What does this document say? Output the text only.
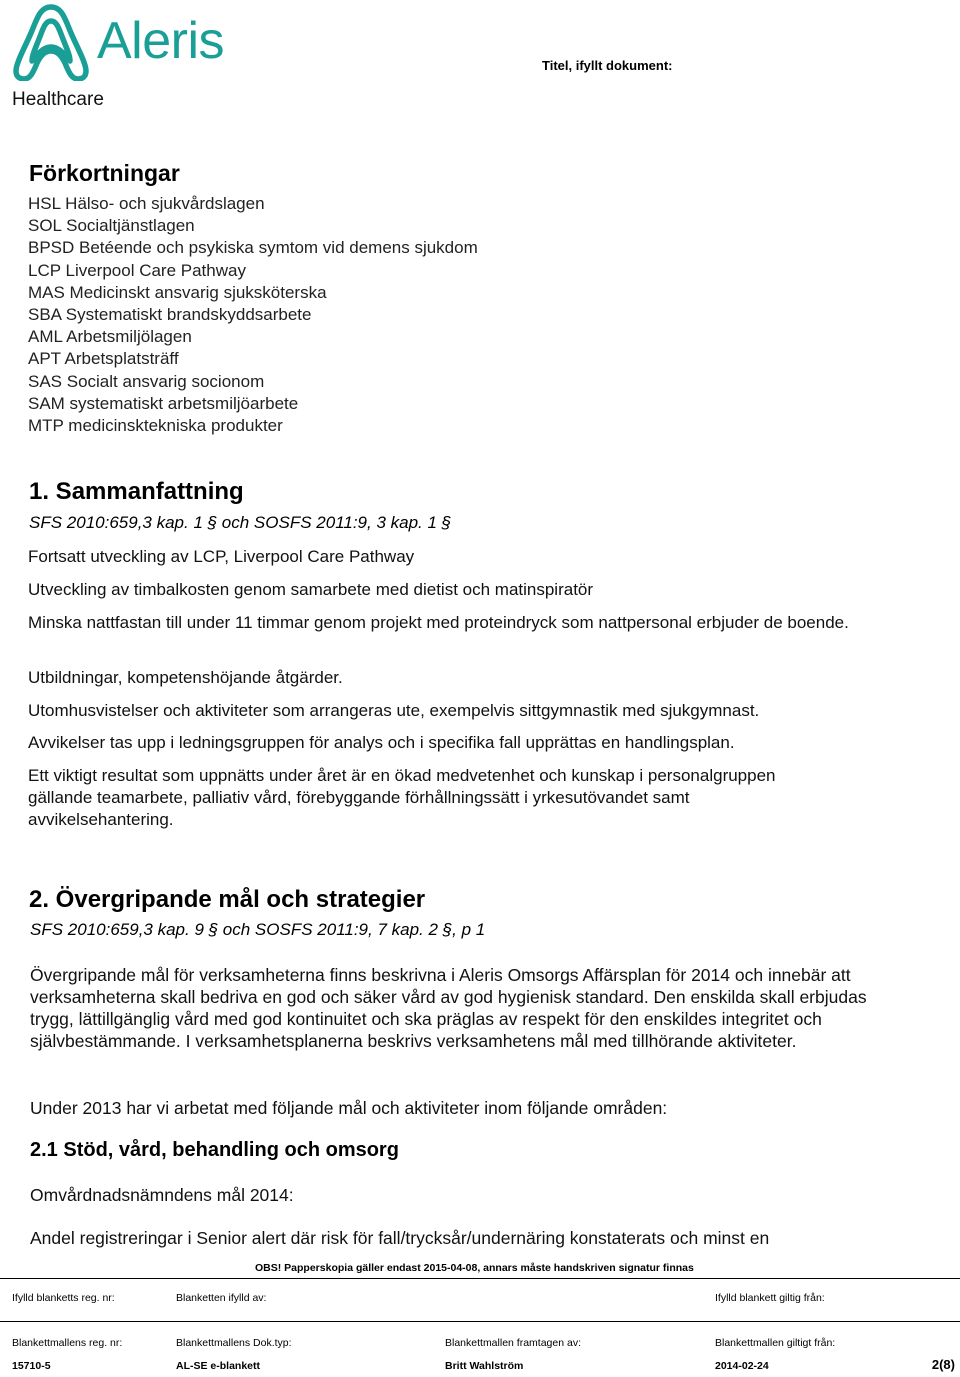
Aleris
Healthcare
Titel, ifyllt dokument:
Förkortningar
HSL Hälso- och sjukvårdslagen
SOL Socialtjänstlagen
BPSD Betéende och psykiska symtom vid demens sjukdom
LCP Liverpool Care Pathway
MAS Medicinskt ansvarig sjuksköterska
SBA Systematiskt brandskyddsarbete
AML Arbetsmiljölagen
APT Arbetsplatsträff
SAS Socialt ansvarig socionom
SAM systematiskt arbetsmiljöarbete
MTP medicinsktekniska produkter
1. Sammanfattning
SFS 2010:659,3 kap. 1 § och SOSFS 2011:9, 3 kap. 1 §
Fortsatt utveckling av LCP, Liverpool Care Pathway
Utveckling av timbalkosten genom samarbete med dietist och matinspiratör
Minska nattfastan till under 11 timmar genom projekt med proteindryck som nattpersonal erbjuder de boende.
Utbildningar, kompetenshöjande åtgärder.
Utomhusvistelser och aktiviteter som arrangeras ute, exempelvis sittgymnastik med sjukgymnast.
Avvikelser tas upp i ledningsgruppen för analys och i specifika fall upprättas en handlingsplan.
Ett viktigt resultat som uppnätts under året är en ökad medvetenhet och kunskap i personalgruppen gällande teamarbete, palliativ vård, förebyggande förhållningssätt i yrkesutövandet samt avvikelsehantering.
2. Övergripande mål och strategier
SFS 2010:659,3 kap. 9 § och SOSFS 2011:9, 7 kap. 2 §, p 1
Övergripande mål för verksamheterna finns beskrivna i Aleris Omsorgs Affärsplan för 2014 och innebär att verksamheterna skall bedriva en god och säker vård av god hygienisk standard. Den enskilda skall erbjudas trygg, lättillgänglig vård med god kontinuitet och ska präglas av respekt för den enskildes integritet och självbestämmande. I verksamhetsplanerna beskrivs verksamhetens mål med tillhörande aktiviteter.
Under 2013 har vi arbetat med följande mål och aktiviteter inom följande områden:
2.1 Stöd, vård, behandling och omsorg
Omvårdnadsnämndens mål 2014:
Andel registreringar i Senior alert där risk för fall/trycksår/undernäring konstaterats och minst en
OBS! Papperskopia gäller endast 2015-04-08, annars måste handskriven signatur finnas
Ifylld blanketts reg. nr:	Blanketten ifylld av:	Ifylld blankett giltig från:
Blankettmallens reg. nr:	Blankettmallens Dok.typ:	Blankettmallen framtagen av:	Blankettmallen giltigt från:
15710-5	AL-SE e-blankett	Britt Wahlström	2014-02-24	2(8)
